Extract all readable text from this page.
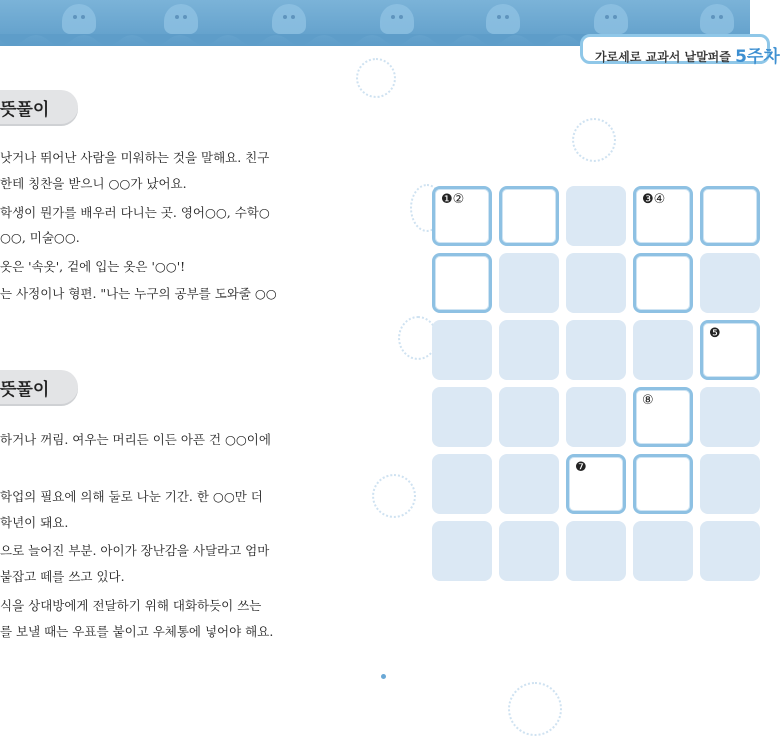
가로세로 교과서 낱말퍼즐 5주차
뜻풀이
낫거나 뛰어난 사람을 미워하는 것을 말해요. 친구
한테 칭찬을 받으니 ○○가 났어요.
학생이 뭔가를 배우러 다니는 곳. 영어○○, 수학○
○○, 미술○○.
옷은 '속옷', 겉에 입는 옷은 '○○'!
는 사정이나 형편. "나는 누구의 공부를 도와줄 ○○
뜻풀이
하거나 꺼림. 여우는 머리든 이든 아픈 건 ○○이에
학업의 필요에 의해 둘로 나눈 기간. 한 ○○만 더
학년이 돼요.
으로 늘어진 부분. 아이가 장난감을 사달라고 엄마
붙잡고 떼를 쓰고 있다.
식을 상대방에게 전달하기 위해 대화하듯이 쓰는
를 보낼 때는 우표를 붙이고 우체통에 넣어야 해요.
❶②	❸④
❺
⑧
❼
